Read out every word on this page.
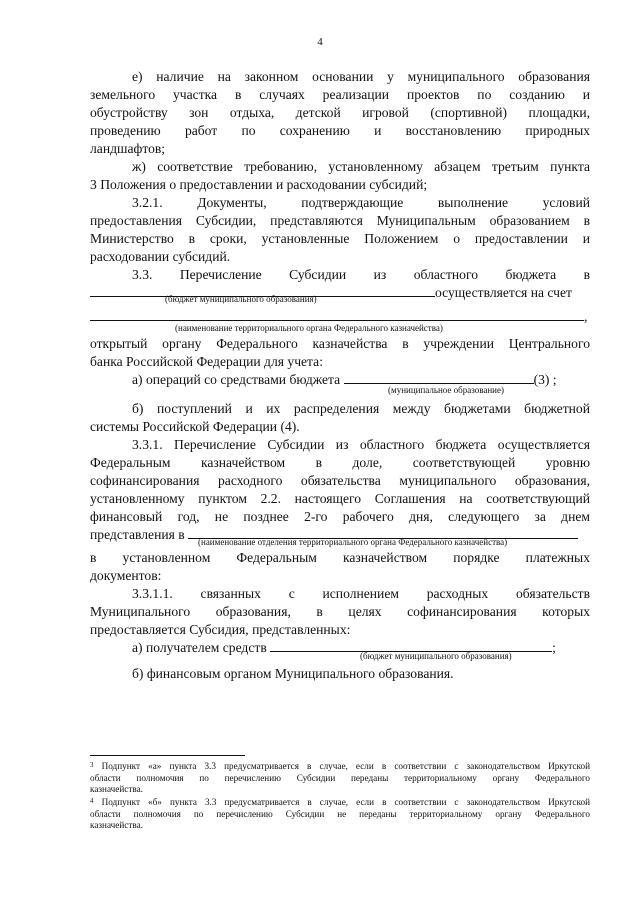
4
е) наличие на законном основании у муниципального образования
земельного участка в случаях реализации проектов по созданию и
обустройству зон отдыха, детской игровой (спортивной) площадки,
проведению работ по сохранению и восстановлению природных
ландшафтов;
ж) соответствие требованию, установленному абзацем третьим пункта
3 Положения о предоставлении и расходовании субсидий;
3.2.1. Документы, подтверждающие выполнение условий
предоставления Субсидии, представляются Муниципальным образованием в
Министерство в сроки, установленные Положением о предоставлении и
расходовании субсидий.
3.3. Перечисление Субсидии из областного бюджета в
осуществляется на счет
(бюджет муниципального образования)
,
(наименование территориального органа Федерального казначейства)
открытый органу Федерального казначейства в учреждении Центрального
банка Российской Федерации для учета:
а) операций со средствами бюджета	(3) ;
(муниципальное образование)
б) поступлений и их распределения между бюджетами бюджетной
системы Российской Федерации (4).
3.3.1. Перечисление Субсидии из областного бюджета осуществляется
Федеральным казначейством в доле, соответствующей уровню
софинансирования расходного обязательства муниципального образования,
установленному пунктом 2.2. настоящего Соглашения на соответствующий
финансовый год, не позднее 2-го рабочего дня, следующего за днем
представления в	(наименование отделения территориального органа Федерального казначейства)
в установленном Федеральным казначейством порядке платежных
документов:
3.3.1.1. связанных с исполнением расходных обязательств
Муниципального образования, в целях софинансирования которых
предоставляется Субсидия, представленных:
а) получателем средств	;
(бюджет муниципального образования)
б) финансовым органом Муниципального образования.
$^3$ Подпункт «а» пункта 3.3 предусматривается в случае, если в соответствии с законодательством Иркутской
области полномочия по перечислению Субсидии переданы территориальному органу Федерального
казначейства.
$^4$ Подпункт «б» пункта 3.3 предусматривается в случае, если в соответствии с законодательством Иркутской
области полномочия по перечислению Субсидии не переданы территориальному органу Федерального
казначейства.
